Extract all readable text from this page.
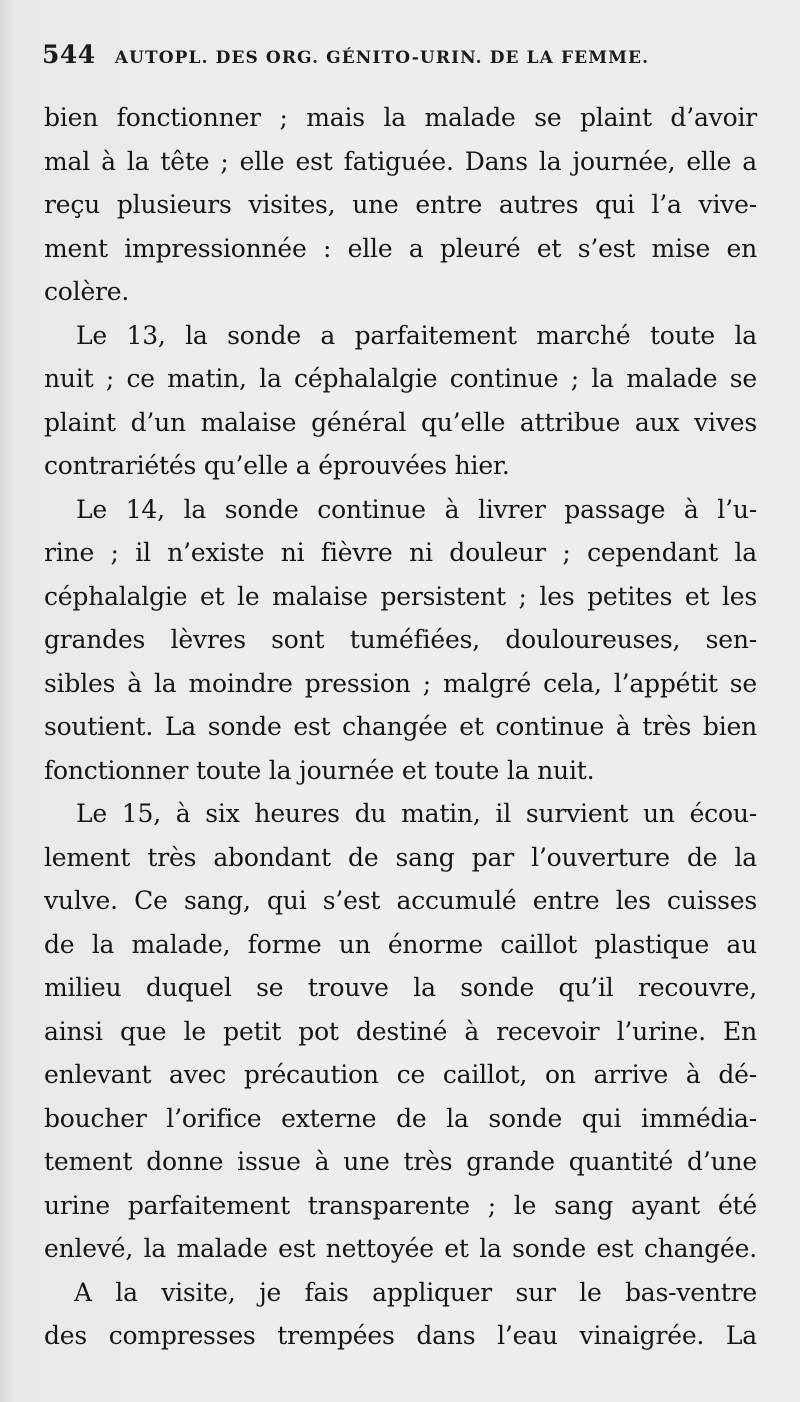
544 AUTOPL. DES ORG. GÉNITO-URIN. DE LA FEMME.
bien fonctionner ; mais la malade se plaint d’avoir
mal à la tête ; elle est fatiguée. Dans la journée, elle a
reçu plusieurs visites, une entre autres qui l’a vive-
ment impressionnée : elle a pleuré et s’est mise en
colère.
Le 13, la sonde a parfaitement marché toute la
nuit ; ce matin, la céphalalgie continue ; la malade se
plaint d’un malaise général qu’elle attribue aux vives
contrariétés qu’elle a éprouvées hier.
Le 14, la sonde continue à livrer passage à l’u-
rine ; il n’existe ni fièvre ni douleur ; cependant la
céphalalgie et le malaise persistent ; les petites et les
grandes lèvres sont tuméfiées, douloureuses, sen-
sibles à la moindre pression ; malgré cela, l’appétit se
soutient. La sonde est changée et continue à très bien
fonctionner toute la journée et toute la nuit.
Le 15, à six heures du matin, il survient un écou-
lement très abondant de sang par l’ouverture de la
vulve. Ce sang, qui s’est accumulé entre les cuisses
de la malade, forme un énorme caillot plastique au
milieu duquel se trouve la sonde qu’il recouvre,
ainsi que le petit pot destiné à recevoir l’urine. En
enlevant avec précaution ce caillot, on arrive à dé-
boucher l’orifice externe de la sonde qui immédia-
tement donne issue à une très grande quantité d’une
urine parfaitement transparente ; le sang ayant été
enlevé, la malade est nettoyée et la sonde est changée.
A la visite, je fais appliquer sur le bas-ventre
des compresses trempées dans l’eau vinaigrée. La
